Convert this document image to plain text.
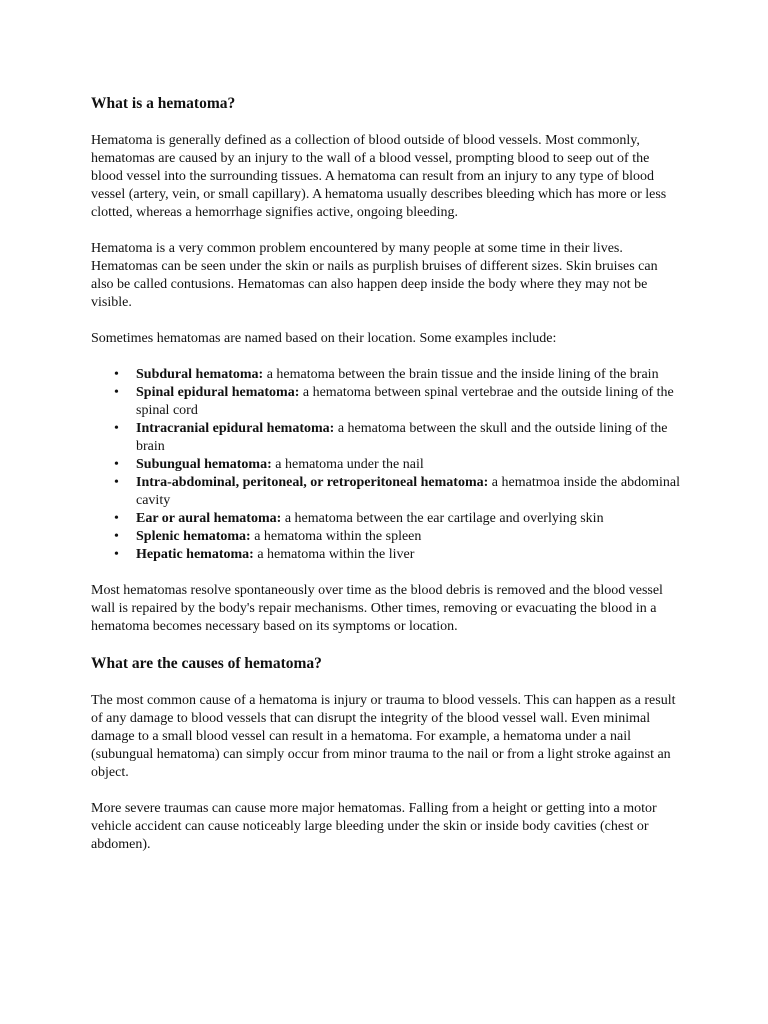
What is a hematoma?

Hematoma is generally defined as a collection of blood outside of blood vessels. Most commonly, hematomas are caused by an injury to the wall of a blood vessel, prompting blood to seep out of the blood vessel into the surrounding tissues. A hematoma can result from an injury to any type of blood vessel (artery, vein, or small capillary). A hematoma usually describes bleeding which has more or less clotted, whereas a hemorrhage signifies active, ongoing bleeding.

Hematoma is a very common problem encountered by many people at some time in their lives. Hematomas can be seen under the skin or nails as purplish bruises of different sizes. Skin bruises can also be called contusions. Hematomas can also happen deep inside the body where they may not be visible.

Sometimes hematomas are named based on their location. Some examples include:

• Subdural hematoma: a hematoma between the brain tissue and the inside lining of the brain
• Spinal epidural hematoma: a hematoma between spinal vertebrae and the outside lining of the spinal cord
• Intracranial epidural hematoma: a hematoma between the skull and the outside lining of the brain
• Subungual hematoma: a hematoma under the nail
• Intra-abdominal, peritoneal, or retroperitoneal hematoma: a hematmoa inside the abdominal cavity
• Ear or aural hematoma: a hematoma between the ear cartilage and overlying skin
• Splenic hematoma: a hematoma within the spleen
• Hepatic hematoma: a hematoma within the liver

Most hematomas resolve spontaneously over time as the blood debris is removed and the blood vessel wall is repaired by the body's repair mechanisms. Other times, removing or evacuating the blood in a hematoma becomes necessary based on its symptoms or location.

What are the causes of hematoma?

The most common cause of a hematoma is injury or trauma to blood vessels. This can happen as a result of any damage to blood vessels that can disrupt the integrity of the blood vessel wall. Even minimal damage to a small blood vessel can result in a hematoma. For example, a hematoma under a nail (subungual hematoma) can simply occur from minor trauma to the nail or from a light stroke against an object.

More severe traumas can cause more major hematomas. Falling from a height or getting into a motor vehicle accident can cause noticeably large bleeding under the skin or inside body cavities (chest or abdomen).
